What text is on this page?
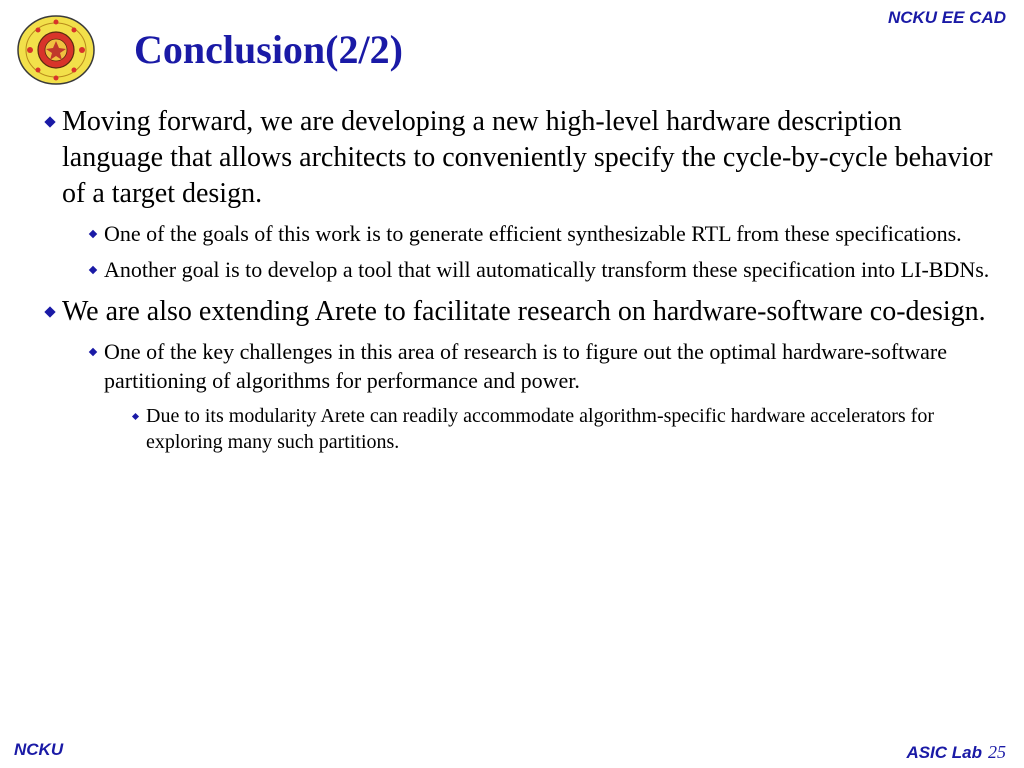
NCKU EE CAD
Conclusion(2/2)
Moving forward, we are developing a new high-level hardware description language that allows architects to conveniently specify the cycle-by-cycle behavior of a target design.
One of the goals of this work is to generate efficient synthesizable RTL from these specifications.
Another goal is to develop a tool that will automatically transform these specification into LI-BDNs.
We are also extending Arete to facilitate research on hardware-software co-design.
One of the key challenges in this area of research is to figure out the optimal hardware-software partitioning of algorithms for performance and power.
Due to its modularity Arete can readily accommodate algorithm-specific hardware accelerators for exploring many such partitions.
NCKU	ASIC Lab 25
